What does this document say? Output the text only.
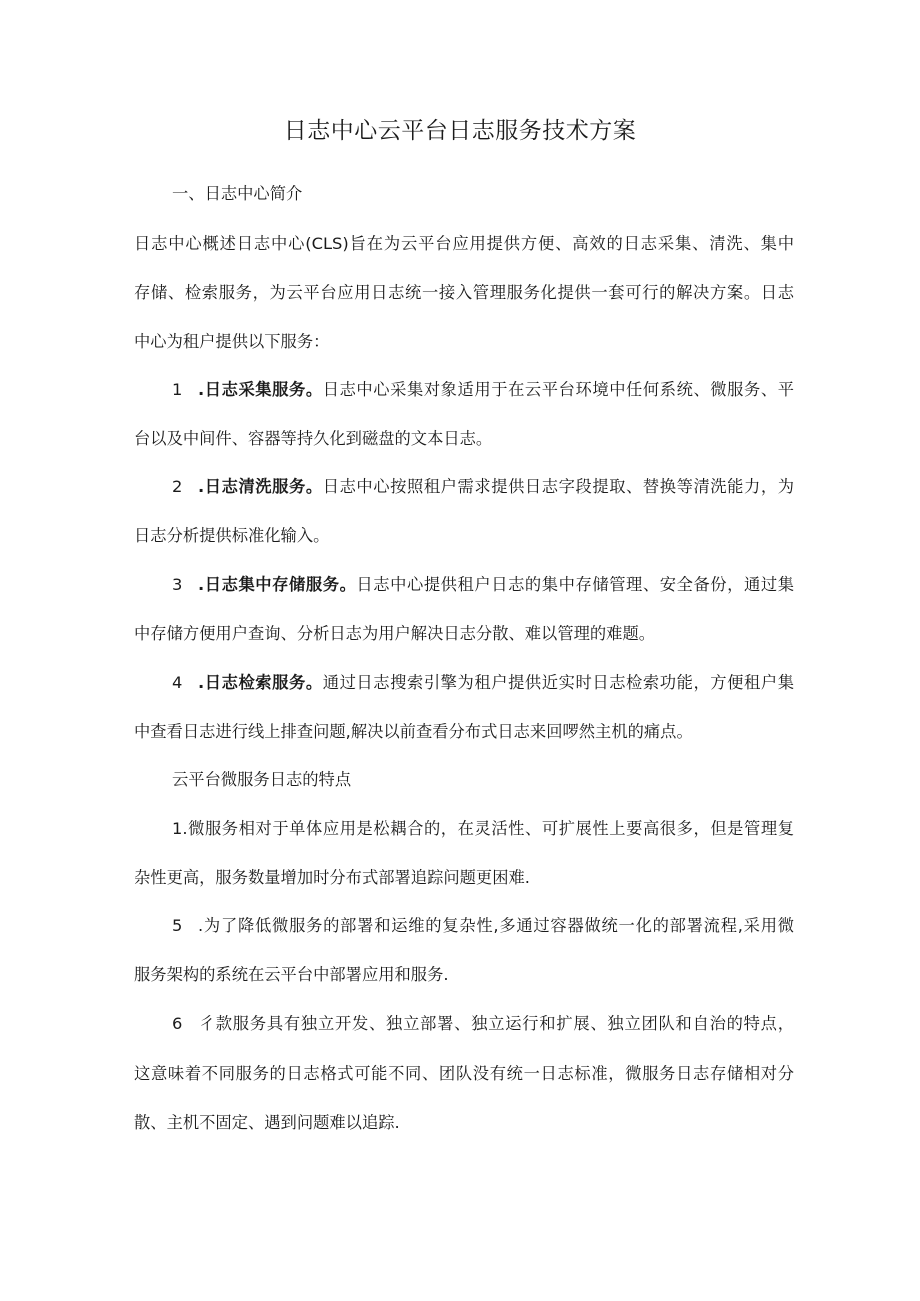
日志中心云平台日志服务技术方案

一、日志中心简介

日志中心概述日志中心(CLS)旨在为云平台应用提供方便、高效的日志采集、清洗、集中

存储、检索服务，为云平台应用日志统一接入管理服务化提供一套可行的解决方案。日志

中心为租户提供以下服务：

1 .日志采集服务。日志中心采集对象适用于在云平台环境中任何系统、微服务、平

台以及中间件、容器等持久化到磁盘的文本日志。

2 .日志清洗服务。日志中心按照租户需求提供日志字段提取、替换等清洗能力，为

日志分析提供标准化输入。

3 .日志集中存储服务。日志中心提供租户日志的集中存储管理、安全备份，通过集

中存储方便用户查询、分析日志为用户解决日志分散、难以管理的难题。

4 .日志检索服务。通过日志搜索引擎为租户提供近实时日志检索功能，方便租户集

中查看日志进行线上排查问题,解决以前查看分布式日志来回啰然主机的痛点。

云平台微服务日志的特点

1.微服务相对于单体应用是松耦合的，在灵活性、可扩展性上要高很多，但是管理复

杂性更高，服务数量增加时分布式部署追踪问题更困难.

5 .为了降低微服务的部署和运维的复杂性,多通过容器做统一化的部署流程,采用微

服务架构的系统在云平台中部署应用和服务.

6 彳款服务具有独立开发、独立部署、独立运行和扩展、独立团队和自治的特点，

这意味着不同服务的日志格式可能不同、团队没有统一日志标准，微服务日志存储相对分

散、主机不固定、遇到问题难以追踪.
